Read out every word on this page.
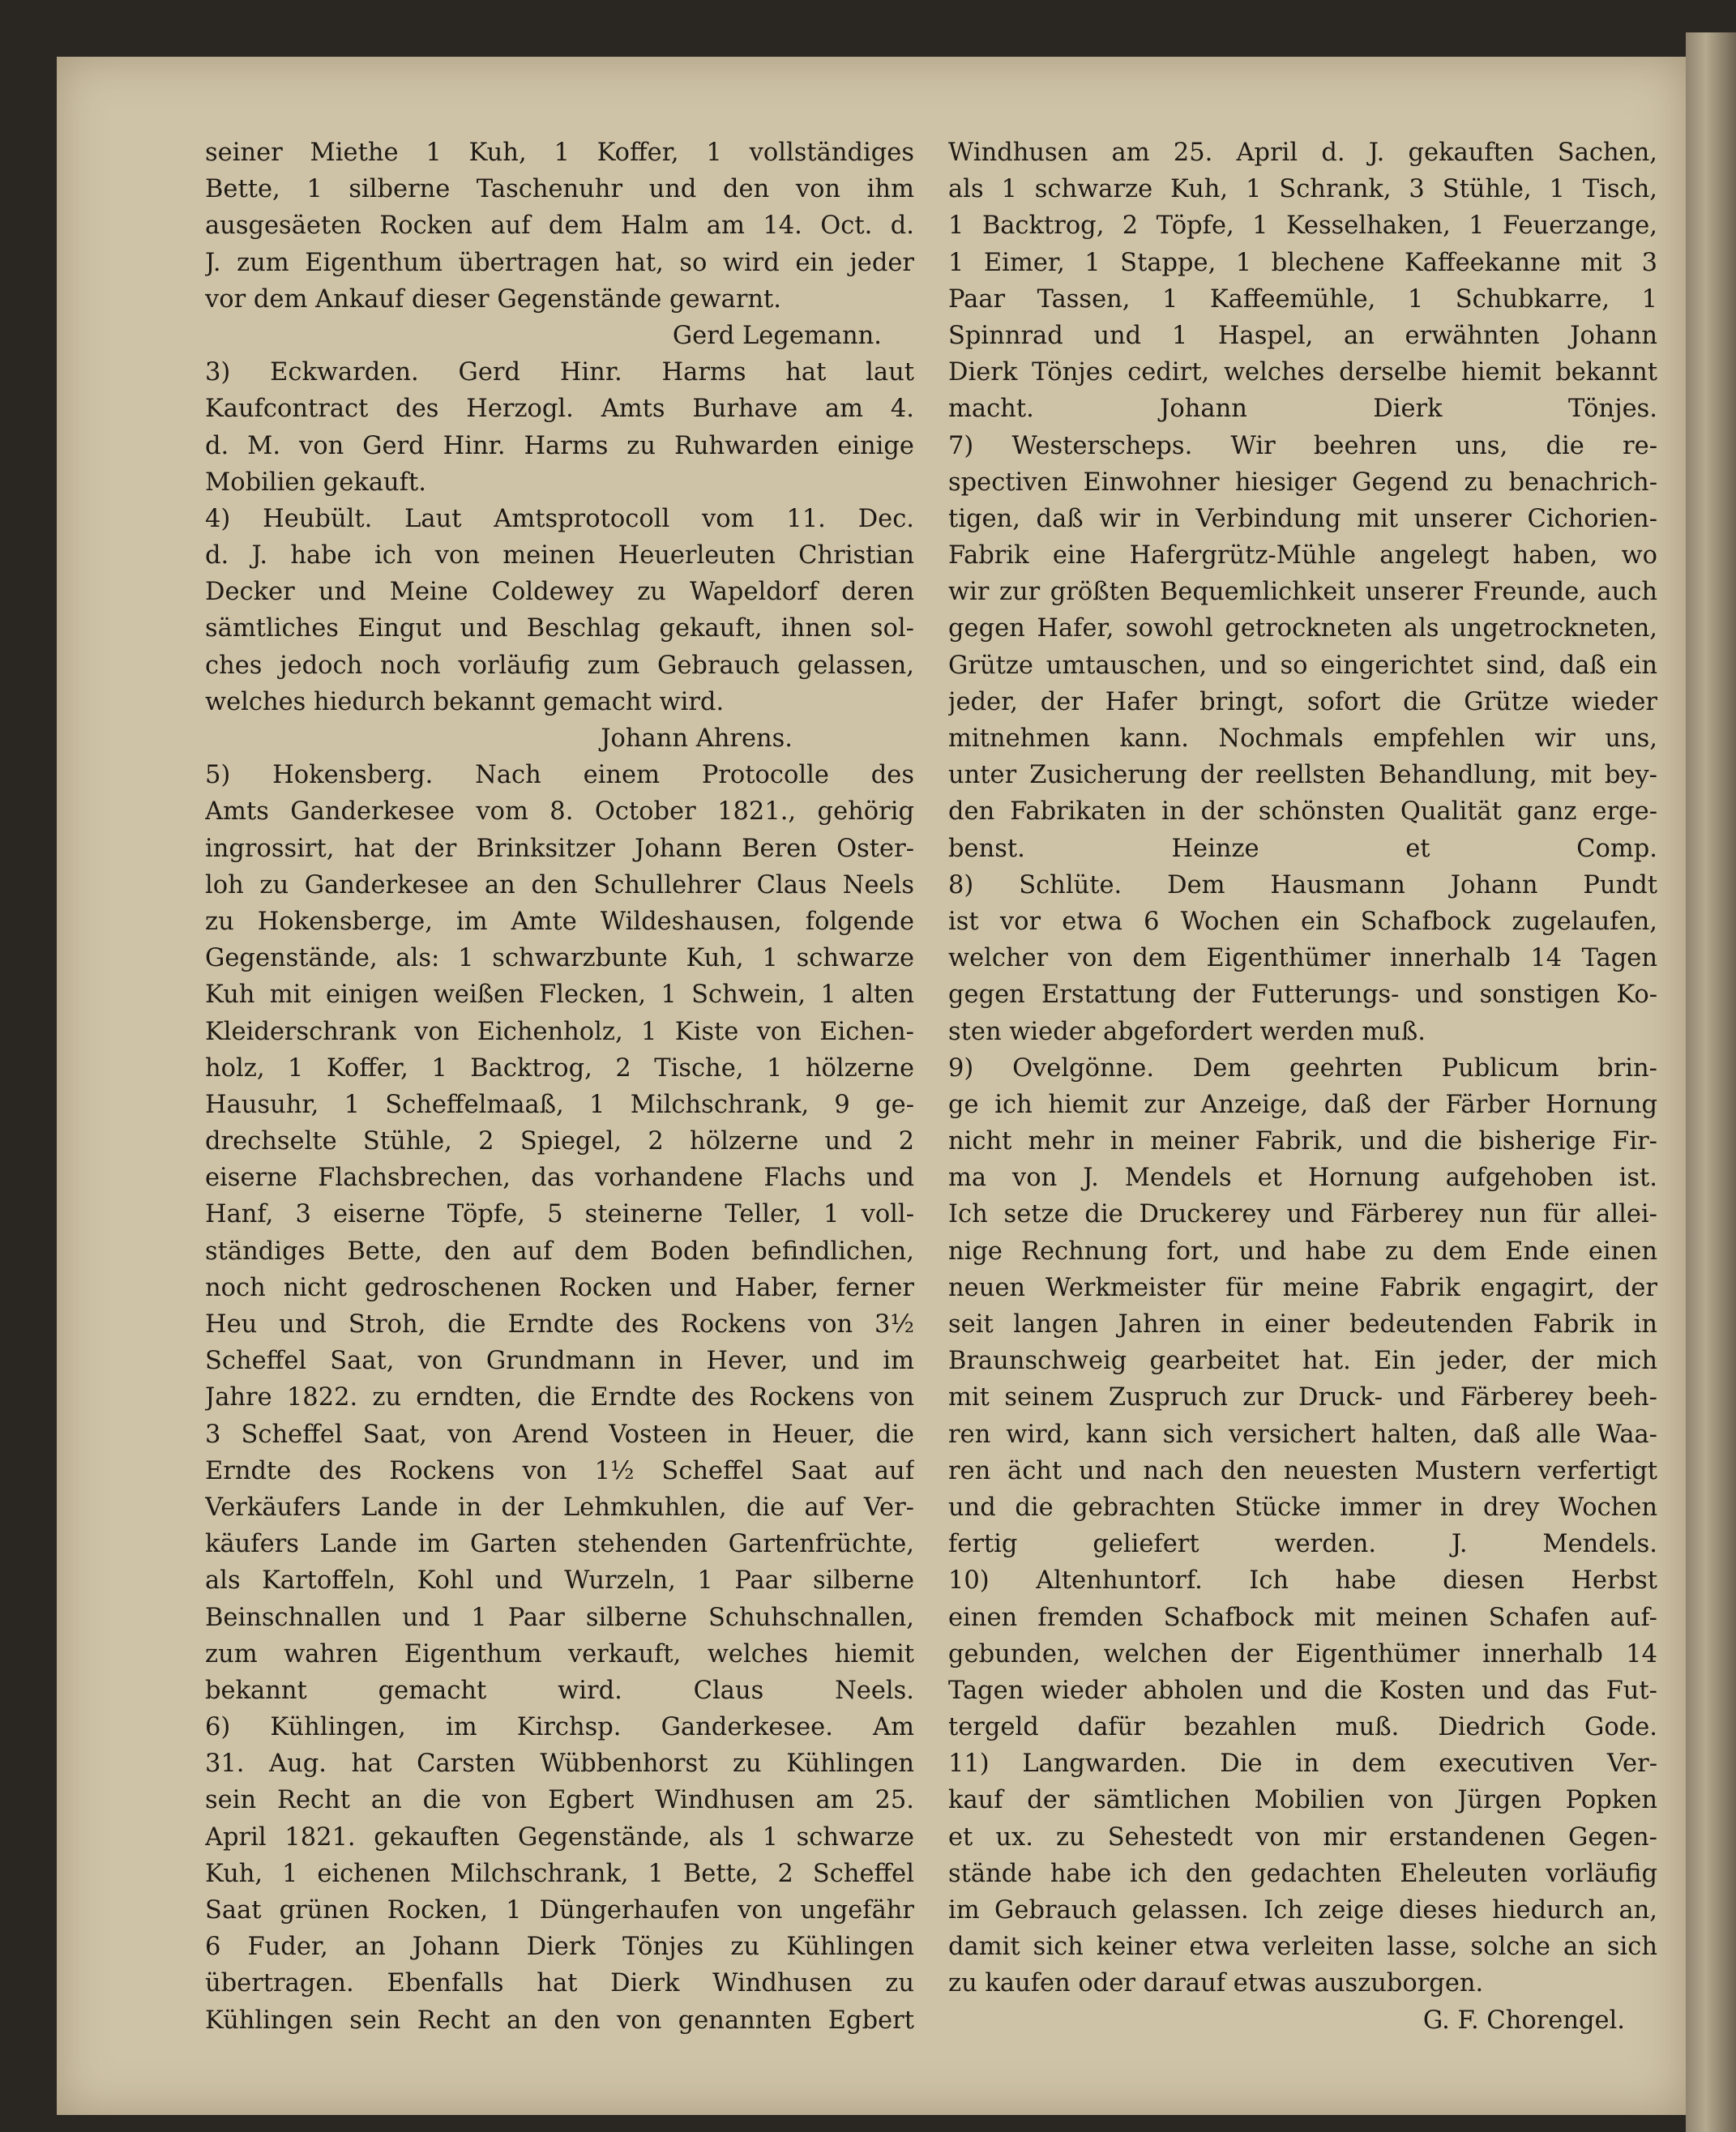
seiner Miethe 1 Kuh, 1 Koffer, 1 vollständiges
Bette, 1 silberne Taschenuhr und den von ihm
ausgesäeten Rocken auf dem Halm am 14. Oct. d.
J. zum Eigenthum übertragen hat, so wird ein jeder
vor dem Ankauf dieser Gegenstände gewarnt.
Gerd Legemann.
3) Eckwarden. Gerd Hinr. Harms hat laut
Kaufcontract des Herzogl. Amts Burhave am 4.
d. M. von Gerd Hinr. Harms zu Ruhwarden einige
Mobilien gekauft.
4) Heubült. Laut Amtsprotocoll vom 11. Dec.
d. J. habe ich von meinen Heuerleuten Christian
Decker und Meine Coldewey zu Wapeldorf deren
sämtliches Eingut und Beschlag gekauft, ihnen sol-
ches jedoch noch vorläufig zum Gebrauch gelassen,
welches hiedurch bekannt gemacht wird.
Johann Ahrens.
5) Hokensberg. Nach einem Protocolle des
Amts Ganderkesee vom 8. October 1821., gehörig
ingrossirt, hat der Brinksitzer Johann Beren Oster-
loh zu Ganderkesee an den Schullehrer Claus Neels
zu Hokensberge, im Amte Wildeshausen, folgende
Gegenstände, als: 1 schwarzbunte Kuh, 1 schwarze
Kuh mit einigen weißen Flecken, 1 Schwein, 1 alten
Kleiderschrank von Eichenholz, 1 Kiste von Eichen-
holz, 1 Koffer, 1 Backtrog, 2 Tische, 1 hölzerne
Hausuhr, 1 Scheffelmaaß, 1 Milchschrank, 9 ge-
drechselte Stühle, 2 Spiegel, 2 hölzerne und 2
eiserne Flachsbrechen, das vorhandene Flachs und
Hanf, 3 eiserne Töpfe, 5 steinerne Teller, 1 voll-
ständiges Bette, den auf dem Boden befindlichen,
noch nicht gedroschenen Rocken und Haber, ferner
Heu und Stroh, die Erndte des Rockens von 3½
Scheffel Saat, von Grundmann in Hever, und im
Jahre 1822. zu erndten, die Erndte des Rockens von
3 Scheffel Saat, von Arend Vosteen in Heuer, die
Erndte des Rockens von 1½ Scheffel Saat auf
Verkäufers Lande in der Lehmkuhlen, die auf Ver-
käufers Lande im Garten stehenden Gartenfrüchte,
als Kartoffeln, Kohl und Wurzeln, 1 Paar silberne
Beinschnallen und 1 Paar silberne Schuhschnallen,
zum wahren Eigenthum verkauft, welches hiemit
bekannt gemacht wird. Claus Neels.
6) Kühlingen, im Kirchsp. Ganderkesee. Am
31. Aug. hat Carsten Wübbenhorst zu Kühlingen
sein Recht an die von Egbert Windhusen am 25.
April 1821. gekauften Gegenstände, als 1 schwarze
Kuh, 1 eichenen Milchschrank, 1 Bette, 2 Scheffel
Saat grünen Rocken, 1 Düngerhaufen von ungefähr
6 Fuder, an Johann Dierk Tönjes zu Kühlingen
übertragen. Ebenfalls hat Dierk Windhusen zu
Kühlingen sein Recht an den von genannten Egbert
Windhusen am 25. April d. J. gekauften Sachen,
als 1 schwarze Kuh, 1 Schrank, 3 Stühle, 1 Tisch,
1 Backtrog, 2 Töpfe, 1 Kesselhaken, 1 Feuerzange,
1 Eimer, 1 Stappe, 1 blechene Kaffeekanne mit 3
Paar Tassen, 1 Kaffeemühle, 1 Schubkarre, 1
Spinnrad und 1 Haspel, an erwähnten Johann
Dierk Tönjes cedirt, welches derselbe hiemit bekannt
macht. Johann Dierk Tönjes.
7) Westerscheps. Wir beehren uns, die re-
spectiven Einwohner hiesiger Gegend zu benachrich-
tigen, daß wir in Verbindung mit unserer Cichorien-
Fabrik eine Hafergrütz-Mühle angelegt haben, wo
wir zur größten Bequemlichkeit unserer Freunde, auch
gegen Hafer, sowohl getrockneten als ungetrockneten,
Grütze umtauschen, und so eingerichtet sind, daß ein
jeder, der Hafer bringt, sofort die Grütze wieder
mitnehmen kann. Nochmals empfehlen wir uns,
unter Zusicherung der reellsten Behandlung, mit bey-
den Fabrikaten in der schönsten Qualität ganz erge-
benst. Heinze et Comp.
8) Schlüte. Dem Hausmann Johann Pundt
ist vor etwa 6 Wochen ein Schafbock zugelaufen,
welcher von dem Eigenthümer innerhalb 14 Tagen
gegen Erstattung der Futterungs- und sonstigen Ko-
sten wieder abgefordert werden muß.
9) Ovelgönne. Dem geehrten Publicum brin-
ge ich hiemit zur Anzeige, daß der Färber Hornung
nicht mehr in meiner Fabrik, und die bisherige Fir-
ma von J. Mendels et Hornung aufgehoben ist.
Ich setze die Druckerey und Färberey nun für allei-
nige Rechnung fort, und habe zu dem Ende einen
neuen Werkmeister für meine Fabrik engagirt, der
seit langen Jahren in einer bedeutenden Fabrik in
Braunschweig gearbeitet hat. Ein jeder, der mich
mit seinem Zuspruch zur Druck- und Färberey beeh-
ren wird, kann sich versichert halten, daß alle Waa-
ren ächt und nach den neuesten Mustern verfertigt
und die gebrachten Stücke immer in drey Wochen
fertig geliefert werden. J. Mendels.
10) Altenhuntorf. Ich habe diesen Herbst
einen fremden Schafbock mit meinen Schafen auf-
gebunden, welchen der Eigenthümer innerhalb 14
Tagen wieder abholen und die Kosten und das Fut-
tergeld dafür bezahlen muß. Diedrich Gode.
11) Langwarden. Die in dem executiven Ver-
kauf der sämtlichen Mobilien von Jürgen Popken
et ux. zu Sehestedt von mir erstandenen Gegen-
stände habe ich den gedachten Eheleuten vorläufig
im Gebrauch gelassen. Ich zeige dieses hiedurch an,
damit sich keiner etwa verleiten lasse, solche an sich
zu kaufen oder darauf etwas auszuborgen.
G. F. Chorengel.
